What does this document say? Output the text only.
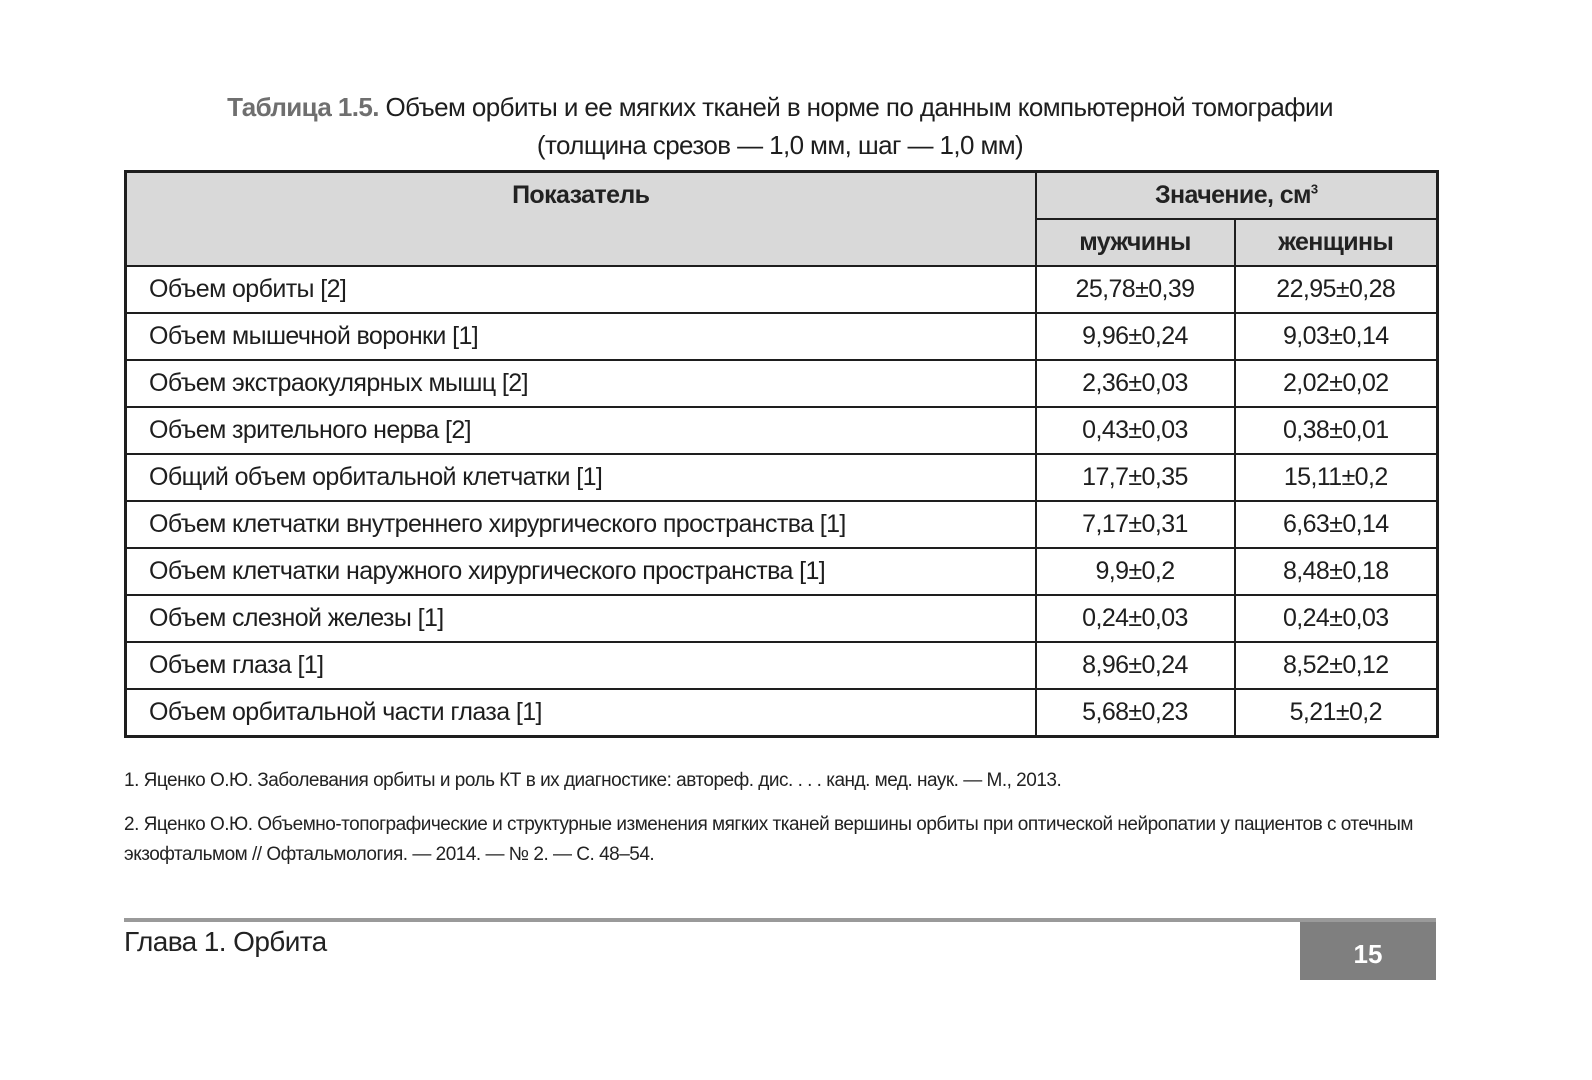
Таблица 1.5. Объем орбиты и ее мягких тканей в норме по данным компьютерной томографии
(толщина срезов — 1,0 мм, шаг — 1,0 мм)
Показатель	Значение, $см^3$
	мужчины	женщины
Объем орбиты [2]	25,78±0,39	22,95±0,28
Объем мышечной воронки [1]	9,96±0,24	9,03±0,14
Объем экстраокулярных мышц [2]	2,36±0,03	2,02±0,02
Объем зрительного нерва [2]	0,43±0,03	0,38±0,01
Общий объем орбитальной клетчатки [1]	17,7±0,35	15,11±0,2
Объем клетчатки внутреннего хирургического пространства [1]	7,17±0,31	6,63±0,14
Объем клетчатки наружного хирургического пространства [1]	9,9±0,2	8,48±0,18
Объем слезной железы [1]	0,24±0,03	0,24±0,03
Объем глаза [1]	8,96±0,24	8,52±0,12
Объем орбитальной части глаза [1]	5,68±0,23	5,21±0,2

1. Яценко О.Ю. Заболевания орбиты и роль КТ в их диагностике: автореф. дис. . . . канд. мед. наук. — М., 2013.

2. Яценко О.Ю. Объемно-топографические и структурные изменения мягких тканей вершины орбиты при оптической нейропатии у пациентов с отечным экзофтальмом // Офтальмология. — 2014. — № 2. — С. 48–54.

Глава 1. Орбита	15
